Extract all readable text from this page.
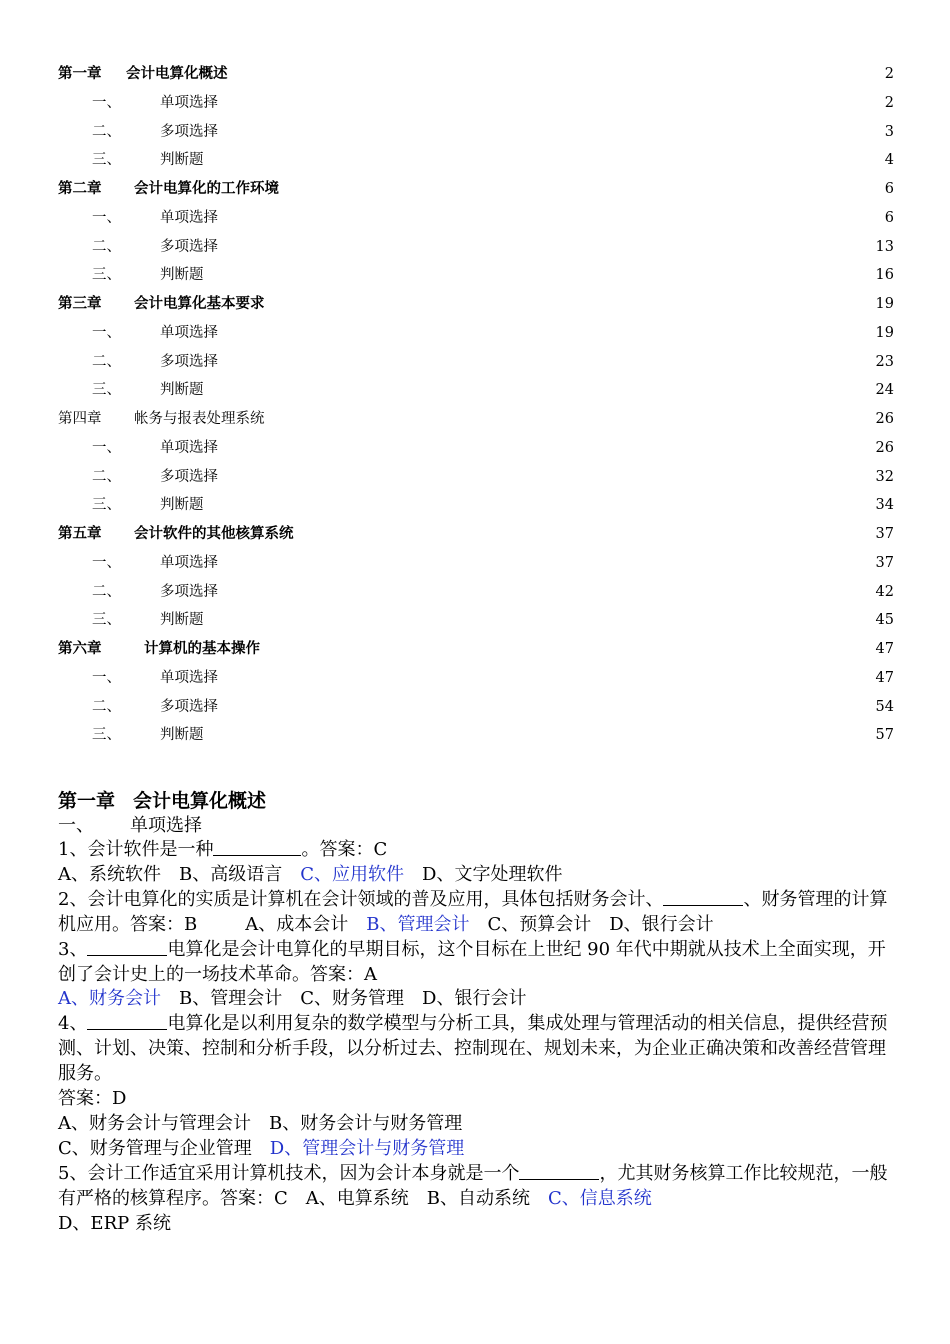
第一章 会计电算化概述	2
一、	单项选择	2
二、	多项选择	3
三、	判断题	4
第二章 会计电算化的工作环境	6
一、	单项选择	6
二、	多项选择	13
三、	判断题	16
第三章 会计电算化基本要求	19
一、	单项选择	19
二、	多项选择	23
三、	判断题	24
第四章 帐务与报表处理系统	26
一、	单项选择	26
二、	多项选择	32
三、	判断题	34
第五章 会计软件的其他核算系统	37
一、	单项选择	37
二、	多项选择	42
三、	判断题	45
第六章	计算机的基本操作	47
一、	单项选择	47
二、	多项选择	54
三、	判断题	57
第一章 会计电算化概述
一、 单项选择

1、会计软件是一种	。答案：C

A、系统软件 B、高级语言 C、应用软件 D、文字处理软件

2、会计电算化的实质是计算机在会计领域的普及应用，具体包括财务会计、	、财务管理的计算机应用。答案：B	A、成本会计 B、管理会计 C、预算会计 D、银行会计

3、	电算化是会计电算化的早期目标，这个目标在上世纪 90 年代中期就从技术上全面实现，开创了会计史上的一场技术革命。答案：A

A、财务会计 B、管理会计 C、财务管理 D、银行会计

4、	电算化是以利用复杂的数学模型与分析工具，集成处理与管理活动的相关信息，提供经营预测、计划、决策、控制和分析手段，以分析过去、控制现在、规划未来，为企业正确决策和改善经营管理服务。

答案：D

A、财务会计与管理会计 B、财务会计与财务管理

C、财务管理与企业管理 D、管理会计与财务管理

5、会计工作适宜采用计算机技术，因为会计本身就是一个	，尤其财务核算工作比较规范，一般有严格的核算程序。答案：C A、电算系统 B、自动系统 C、信息系统
D、ERP 系统
